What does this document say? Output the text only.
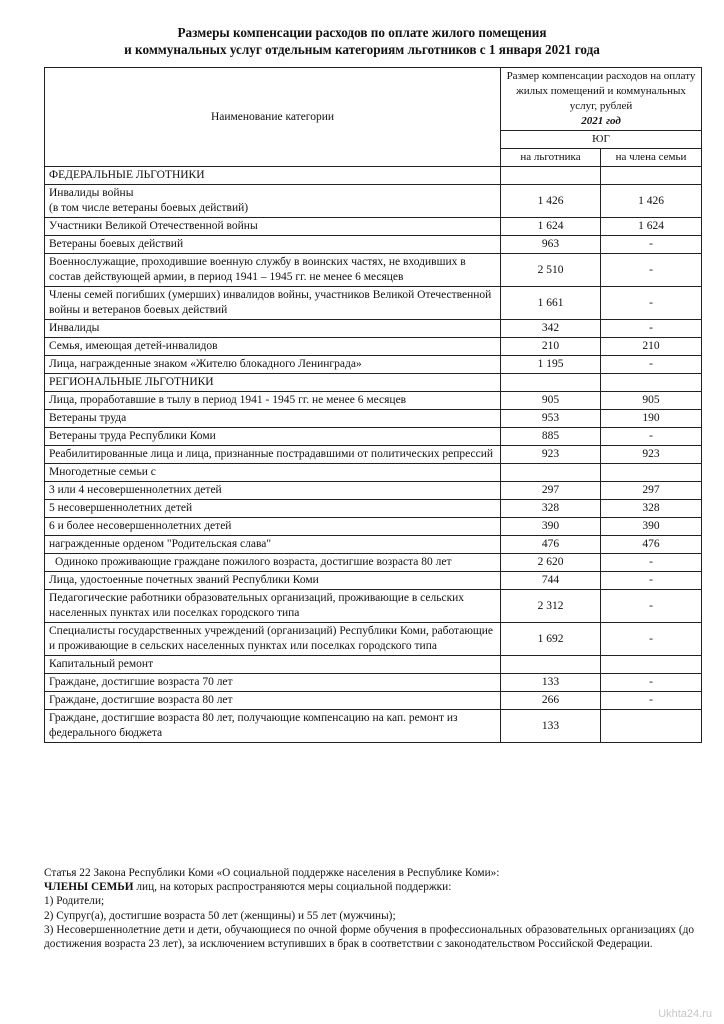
Размеры компенсации расходов по оплате жилого помещения
и коммунальных услуг отдельным категориям льготников с 1 января 2021 года
Наименование категории	Размер компенсации расходов на оплату жилых помещений и коммунальных услуг, рублей
2021 год	
	ЮГ	
	на льготника	на члена семьи
ФЕДЕРАЛЬНЫЕ ЛЬГОТНИКИ		
Инвалиды войны
(в том числе ветераны боевых действий)	1 426	1 426
Участники Великой Отечественной войны	1 624	1 624
Ветераны боевых действий	963	-
Военнослужащие, проходившие военную службу в воинских частях, не входивших в состав действующей армии, в период 1941 – 1945 гг. не менее 6 месяцев	2 510	-
Члены семей погибших (умерших) инвалидов войны, участников Великой Отечественной войны и ветеранов боевых действий	1 661	-
Инвалиды	342	-
Семья, имеющая детей-инвалидов	210	210
Лица, награжденные знаком «Жителю блокадного Ленинграда»	1 195	-
РЕГИОНАЛЬНЫЕ ЛЬГОТНИКИ		
Лица, проработавшие в тылу в период 1941 - 1945 гг. не менее 6 месяцев	905	905
Ветераны труда	953	190
Ветераны труда Республики Коми	885	-
Реабилитированные лица и лица, признанные пострадавшими от политических репрессий	923	923
Многодетные семьи с		
3 или 4 несовершеннолетних детей	297	297
5 несовершеннолетних детей	328	328
6 и более несовершеннолетних детей	390	390
награжденные орденом "Родительская слава"	476	476
Одиноко проживающие граждане пожилого возраста, достигшие возраста 80 лет	2 620	-
Лица, удостоенные почетных званий Республики Коми	744	-
Педагогические работники образовательных организаций, проживающие в сельских населенных пунктах или поселках городского типа	2 312	-
Специалисты государственных учреждений (организаций) Республики Коми, работающие и проживающие в сельских населенных пунктах или поселках городского типа	1 692	-
Капитальный ремонт		
Граждане, достигшие возраста 70 лет	133	-
Граждане, достигшие возраста 80 лет	266	-
Граждане, достигшие возраста 80 лет, получающие компенсацию на кап. ремонт из федерального бюджета	133	

Статья 22 Закона Республики Коми «О социальной поддержке населения в Республике Коми»:

ЧЛЕНЫ СЕМЬИ лиц, на которых распространяются меры социальной поддержки:

1) Родители;

2) Супруг(а), достигшие возраста 50 лет (женщины) и 55 лет (мужчины);

3) Несовершеннолетние дети и дети, обучающиеся по очной форме обучения в профессиональных образовательных организациях (до достижения возраста 23 лет), за исключением вступивших в брак в соответствии с законодательством Российской Федерации.

Ukhta24.ru
